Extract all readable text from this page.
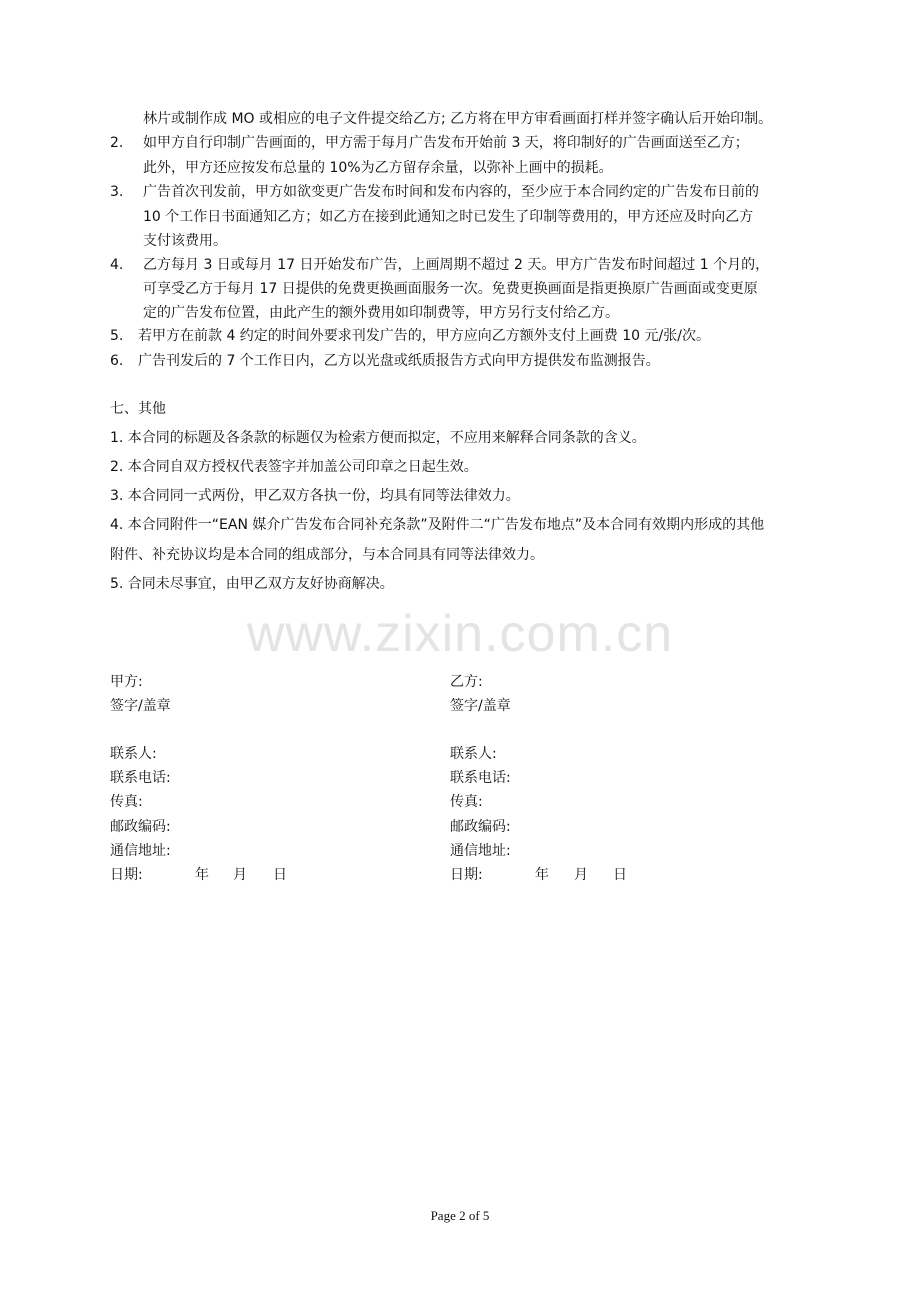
林片或制作成 MO 或相应的电子文件提交给乙方; 乙方将在甲方审看画面打样并签字确认后开始印制。
2. 如甲方自行印制广告画面的，甲方需于每月广告发布开始前 3 天，将印制好的广告画面送至乙方；
此外，甲方还应按发布总量的 10%为乙方留存余量，以弥补上画中的损耗。
3. 广告首次刊发前，甲方如欲变更广告发布时间和发布内容的，至少应于本合同约定的广告发布日前的
10 个工作日书面通知乙方；如乙方在接到此通知之时已发生了印制等费用的，甲方还应及时向乙方
支付该费用。
4. 乙方每月 3 日或每月 17 日开始发布广告，上画周期不超过 2 天。甲方广告发布时间超过 1 个月的，
可享受乙方于每月 17 日提供的免费更换画面服务一次。免费更换画面是指更换原广告画面或变更原
定的广告发布位置，由此产生的额外费用如印制费等，甲方另行支付给乙方。
5. 若甲方在前款 4 约定的时间外要求刊发广告的，甲方应向乙方额外支付上画费 10 元/张/次。
6. 广告刊发后的 7 个工作日内，乙方以光盘或纸质报告方式向甲方提供发布监测报告。
七、其他
1. 本合同的标题及各条款的标题仅为检索方便而拟定，不应用来解释合同条款的含义。
2. 本合同自双方授权代表签字并加盖公司印章之日起生效。
3. 本合同同一式两份，甲乙双方各执一份，均具有同等法律效力。
4. 本合同附件一“EAN 媒介广告发布合同补充条款”及附件二“广告发布地点”及本合同有效期内形成的其他
附件、补充协议均是本合同的组成部分，与本合同具有同等法律效力。
5. 合同未尽事宜，由甲乙双方友好协商解决。
www.zixin.com.cn
甲方:
签字/盖章
联系人:
联系电话:
传真:
邮政编码:
通信地址:
日期:	年 月 日
乙方:
签字/盖章
联系人:
联系电话:
传真:
邮政编码:
通信地址:
日期:	年 月 日
Page 2 of 5
